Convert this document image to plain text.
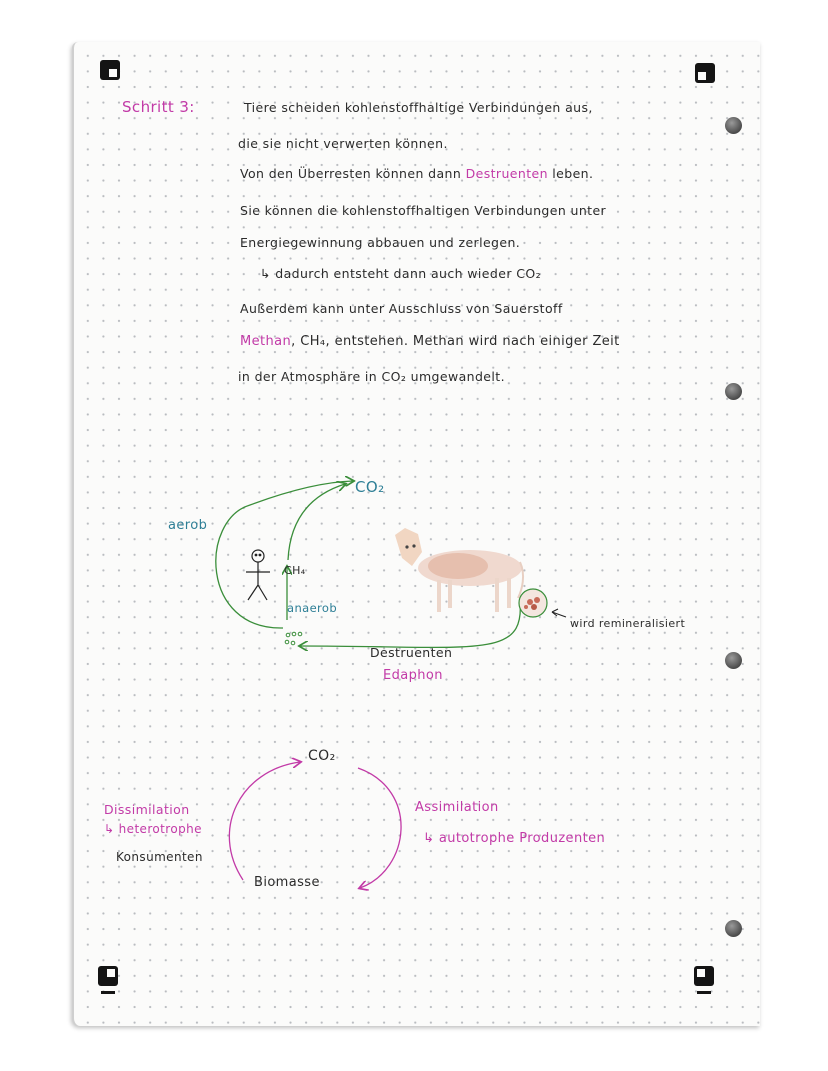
Schritt 3:	Tiere scheiden kohlenstoffhaltige Verbindungen aus,
die sie nicht verwerten können.
Von den Überresten können dann Destruenten leben.
Sie können die kohlenstoffhaltigen Verbindungen unter
Energiegewinnung abbauen und zerlegen.
↳ dadurch entsteht dann auch wieder CO₂
Außerdem kann unter Ausschluss von Sauerstoff
Methan, CH₄, entstehen. Methan wird nach einiger Zeit
in der Atmosphäre in CO₂ umgewandelt.
CO₂
aerob
CH₄
anaerob
wird remineralisiert
Destruenten
Edaphon
CO₂
Dissimilation
↳ heterotrophe
Konsumenten
Biomasse
Assimilation
↳ autotrophe Produzenten
